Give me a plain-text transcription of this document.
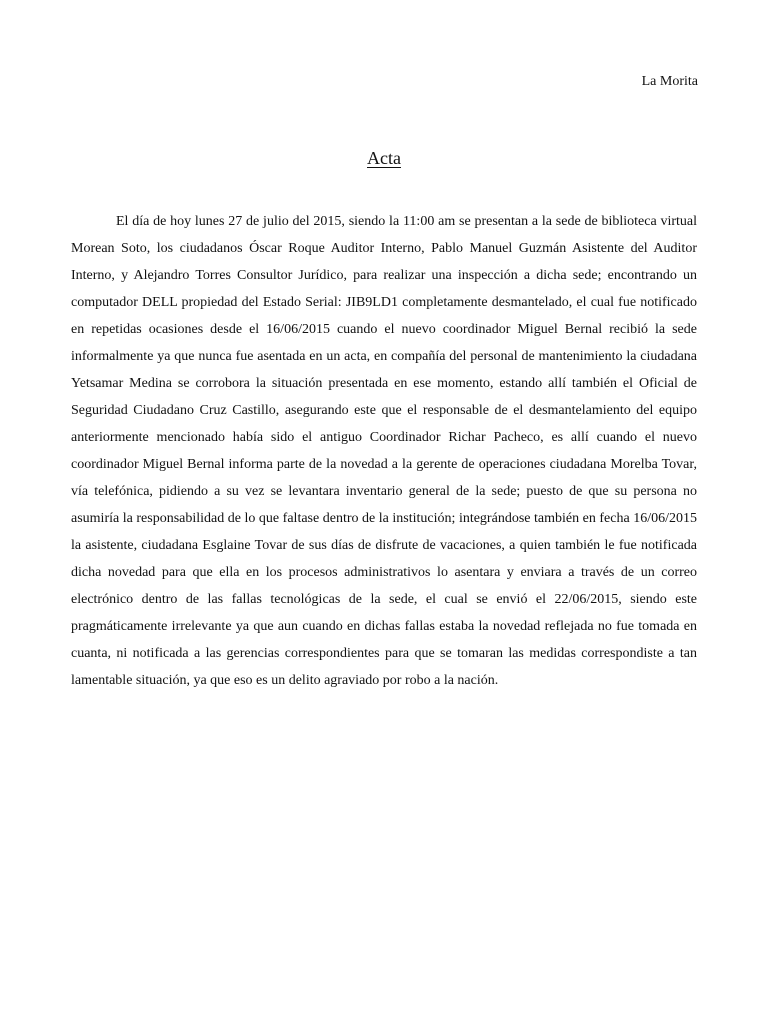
La Morita
Acta

El día de hoy lunes 27 de julio del 2015, siendo la 11:00 am se presentan a la sede de biblioteca virtual Morean Soto, los ciudadanos Óscar Roque Auditor Interno, Pablo Manuel Guzmán Asistente del Auditor Interno, y Alejandro Torres Consultor Jurídico, para realizar una inspección a dicha sede; encontrando un computador DELL propiedad del Estado Serial: JIB9LD1 completamente desmantelado, el cual fue notificado en repetidas ocasiones desde el 16/06/2015 cuando el nuevo coordinador Miguel Bernal recibió la sede informalmente ya que nunca fue asentada en un acta, en compañía del personal de mantenimiento la ciudadana Yetsamar Medina se corrobora la situación presentada en ese momento, estando allí también el Oficial de Seguridad Ciudadano Cruz Castillo, asegurando este que el responsable de el desmantelamiento del equipo anteriormente mencionado había sido el antiguo Coordinador Richar Pacheco, es allí cuando el nuevo coordinador Miguel Bernal informa parte de la novedad a la gerente de operaciones ciudadana Morelba Tovar, vía telefónica, pidiendo a su vez se levantara inventario general de la sede; puesto de que su persona no asumiría la responsabilidad de lo que faltase dentro de la institución; integrándose también en fecha 16/06/2015 la asistente, ciudadana Esglaine Tovar de sus días de disfrute de vacaciones, a quien también le fue notificada dicha novedad para que ella en los procesos administrativos lo asentara y enviara a través de un correo electrónico dentro de las fallas tecnológicas de la sede, el cual se envió el 22/06/2015, siendo este pragmáticamente irrelevante ya que aun cuando en dichas fallas estaba la novedad reflejada no fue tomada en cuanta, ni notificada a las gerencias correspondientes para que se tomaran las medidas correspondiste a tan lamentable situación, ya que eso es un delito agraviado por robo a la nación.
